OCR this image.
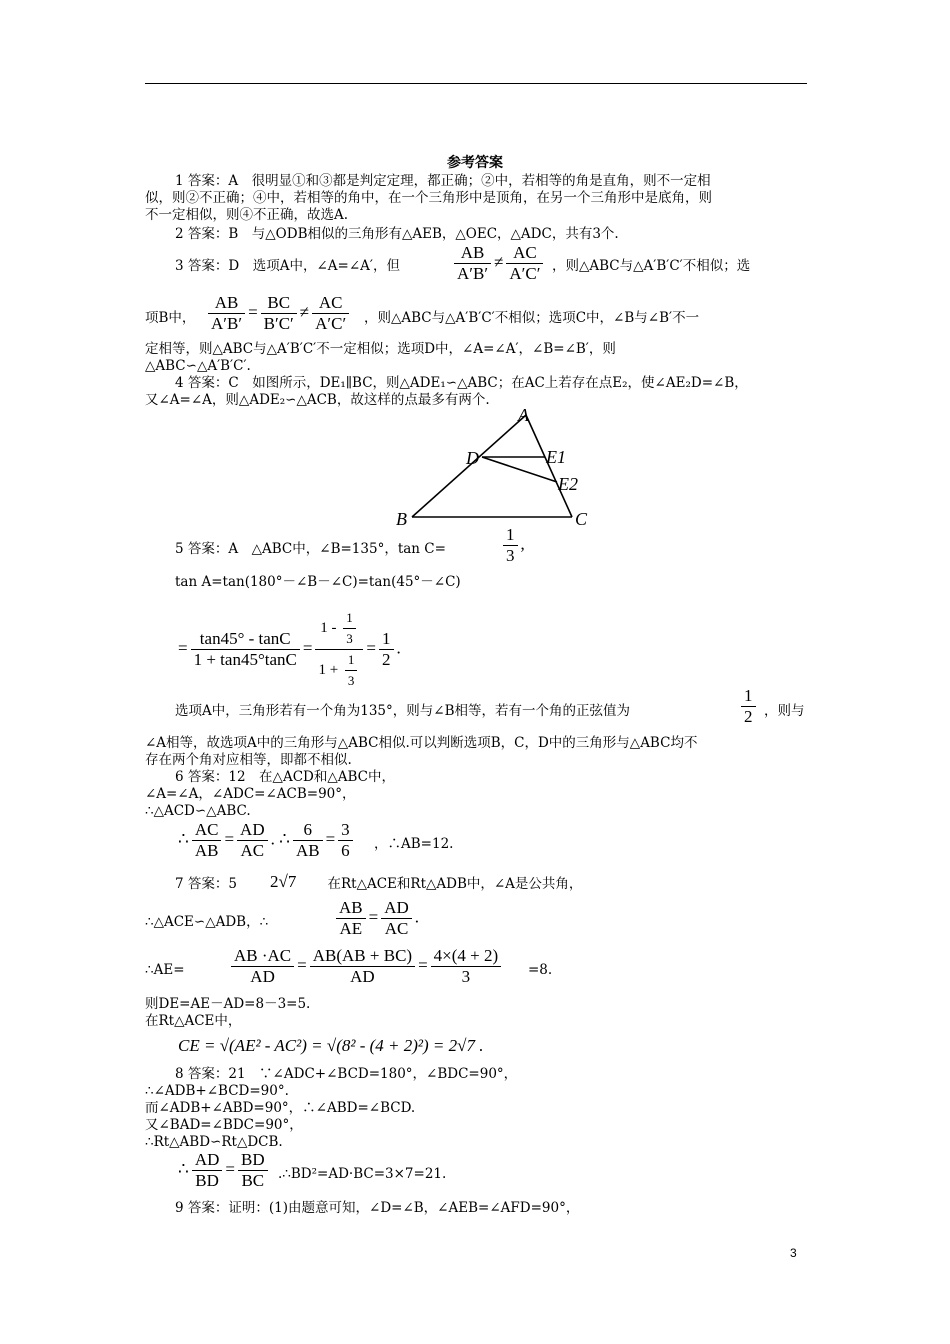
参考答案
1 答案：A　很明显①和③都是判定定理，都正确；②中，若相等的角是直角，则不一定相
似，则②不正确；④中，若相等的角中，在一个三角形中是顶角，在另一个三角形中是底角，则
不一定相似，则④不正确，故选A.
2 答案：B　与△ODB相似的三角形有△AEB，△OEC，△ADC，共有3个.
3 答案：D　选项A中，∠A=∠A′，但	$\frac{AB}{A'B'} \ne \frac{AC}{A'C'}$ ，则△ABC与△A′B′C′不相似；选
项B中， $\frac{AB}{A'B'} = \frac{BC}{B'C'} \ne \frac{AC}{A'C'}$ ，则△ABC与△A′B′C′不相似；选项C中，∠B与∠B′不一
定相等，则△ABC与△A′B′C′不一定相似；选项D中，∠A=∠A′，∠B=∠B′，则
△ABC∽△A′B′C′.
4 答案：C　如图所示，DE₁∥BC，则△ADE₁∽△ABC；在AC上若存在点E₂，使∠AE₂D=∠B，
又∠A=∠A，则△ADE₂∽△ACB，故这样的点最多有两个.
A
D	E1
E2
B	C
5 答案：A　△ABC中，∠B=135°，tan C=	$\frac{1}{3}$ ,
tan A=tan(180°－∠B－∠C)=tan(45°－∠C)
= $\frac{\tan 45^\circ - \tan C}{1 + \tan 45^\circ\tan C} = \frac{1 - \frac{1}{3}}{1 + \frac{1}{3}} = \frac{1}{2}$ .
选项A中，三角形若有一个角为135°，则与∠B相等，若有一个角的正弦值为	$\frac{1}{2}$ ，则与
∠A相等，故选项A中的三角形与△ABC相似.可以判断选项B，C，D中的三角形与△ABC均不
存在两个角对应相等，即都不相似.
6 答案：12　在△ACD和△ABC中，
∠A=∠A，∠ADC=∠ACB=90°，
∴△ACD∽△ABC.
∴ $\frac{AC}{AB} = \frac{AD}{AC}$ . ∴ $\frac{6}{AB} = \frac{3}{6}$ ，∴AB=12.
7 答案：5　 2√7 　在Rt△ACE和Rt△ADB中，∠A是公共角，
∴△ACE∽△ADB，∴	$\frac{AB}{AE} = \frac{AD}{AC}$ .
∴AE=	$\frac{AB \cdot AC}{AD} = \frac{AB(AB + BC)}{AD} = \frac{4\times(4 + 2)}{3} =8$.
则DE=AE－AD=8－3=5.
在Rt△ACE中，
CE = √(AE² - AC²) = √(8² - (4 + 2)²) = 2√7 .
8 答案：21　∵∠ADC+∠BCD=180°，∠BDC=90°，
∴∠ADB+∠BCD=90°.
而∠ADB+∠ABD=90°，∴∠ABD=∠BCD.
又∠BAD=∠BDC=90°，
∴Rt△ABD∽Rt△DCB.
∴ $\frac{AD}{BD} = \frac{BD}{BC}$ .∴BD²=AD·BC=3×7=21.
9 答案：证明：(1)由题意可知，∠D=∠B，∠AEB=∠AFD=90°，
3
